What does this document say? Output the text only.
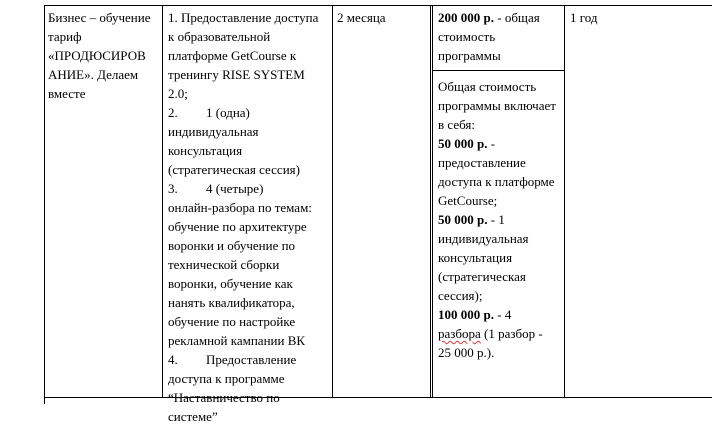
Бизнес – обучение
тариф
«ПРОДЮСИРОВ
АНИЕ». Делаем
вместе
1. Предоставление доступа
к образовательной
платформе GetCourse к
тренингу RISE SYSTEM
2.0;
2. 1 (одна)
индивидуальная
консультация
(стратегическая сессия)
3. 4 (четыре)
онлайн-разбора по темам:
обучение по архитектуре
воронки и обучение по
технической сборки
воронки, обучение как
нанять квалификатора,
обучение по настройке
рекламной кампании ВК
4. Предоставление
доступа к программе
“Наставничество по
системе”
2 месяца	200 000 р. - общая
стоимость
программы
Общая стоимость
программы включает
в себя:
50 000 р. -
предоставление
доступа к платформе
GetCourse;
50 000 р. - 1
индивидуальная
консультация
(стратегическая
сессия);
100 000 р. - 4
разбора (1 разбор -
25 000 р.).
1 год
